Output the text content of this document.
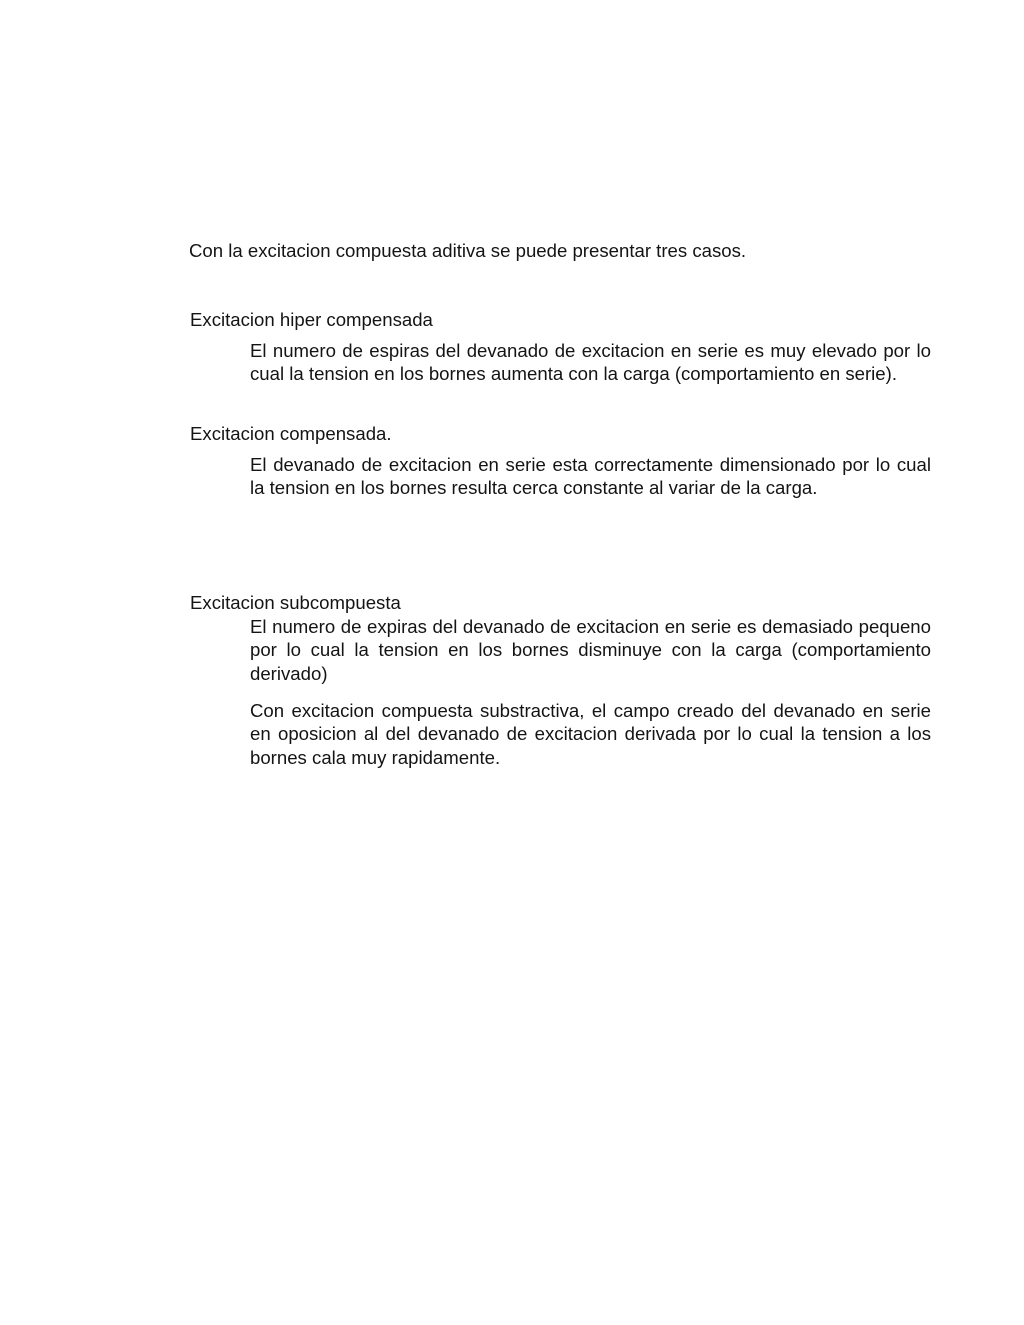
Con la excitacion compuesta aditiva se puede presentar tres casos.

Excitacion hiper compensada

El numero de espiras del devanado de excitacion en serie es muy elevado por lo cual la tension en los bornes aumenta con la carga (comportamiento en serie).

Excitacion compensada.

El devanado de excitacion en serie esta correctamente dimensionado por lo cual la tension en los bornes resulta cerca constante al variar de la carga.

Excitacion subcompuesta

El numero de expiras del devanado de excitacion en serie es demasiado pequeno por lo cual la tension en los bornes disminuye con la carga (comportamiento derivado)

Con excitacion compuesta substractiva, el campo creado del devanado en serie en oposicion al del devanado de excitacion derivada por lo cual la tension a los bornes cala muy rapidamente.
